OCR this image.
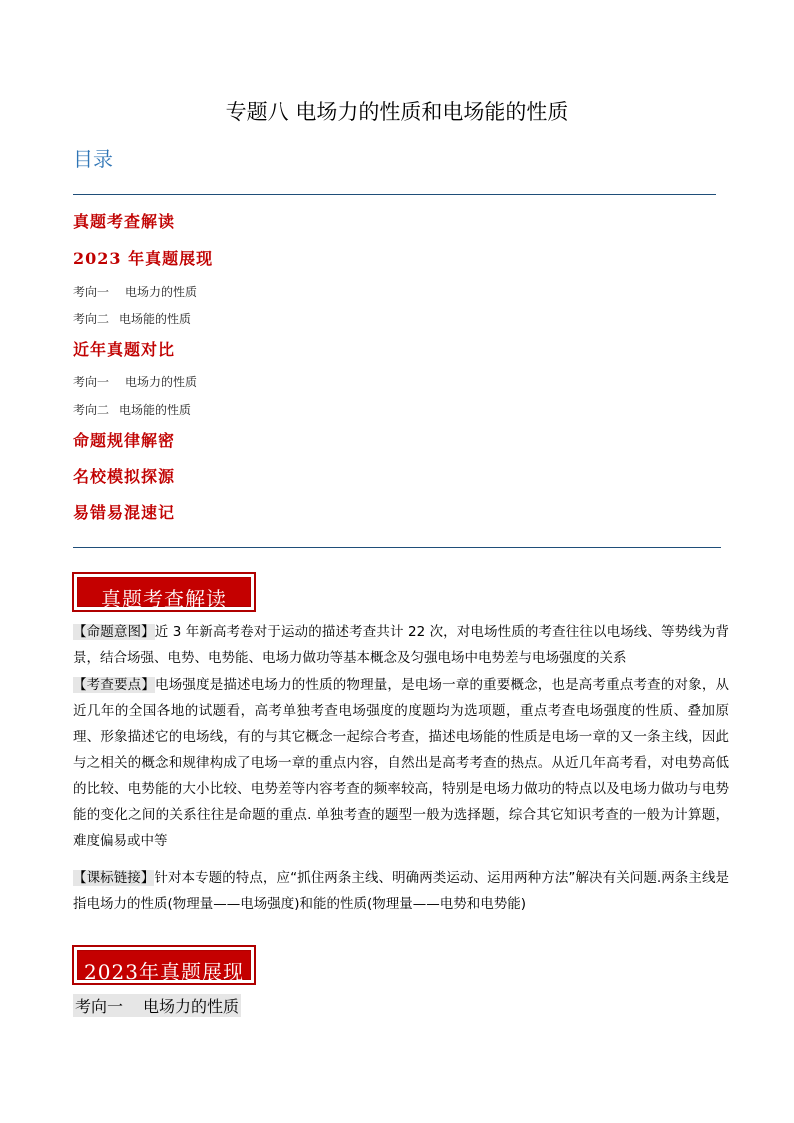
专题八 电场力的性质和电场能的性质
目录
真题考查解读
2023 年真题展现
考向一 电场力的性质
考向二 电场能的性质
近年真题对比
考向一 电场力的性质
考向二 电场能的性质
命题规律解密
名校模拟探源
易错易混速记
真题考查解读
【命题意图】近 3 年新高考卷对于运动的描述考查共计 22 次，对电场性质的考查往往以电场线、等势线为背景，结合场强、电势、电势能、电场力做功等基本概念及匀强电场中电势差与电场强度的关系
【考查要点】电场强度是描述电场力的性质的物理量，是电场一章的重要概念，也是高考重点考查的对象，从近几年的全国各地的试题看，高考单独考查电场强度的度题均为选项题，重点考查电场强度的性质、叠加原理、形象描述它的电场线，有的与其它概念一起综合考查，描述电场能的性质是电场一章的又一条主线，因此与之相关的概念和规律构成了电场一章的重点内容，自然出是高考考查的热点。从近几年高考看，对电势高低的比较、电势能的大小比较、电势差等内容考查的频率较高，特别是电场力做功的特点以及电场力做功与电势能的变化之间的关系往往是命题的重点. 单独考查的题型一般为选择题，综合其它知识考查的一般为计算题，难度偏易或中等
【课标链接】针对本专题的特点，应“抓住两条主线、明确两类运动、运用两种方法”解决有关问题.两条主线是指电场力的性质(物理量——电场强度)和能的性质(物理量——电势和电势能)
2023年真题展现
考向一 电场力的性质
